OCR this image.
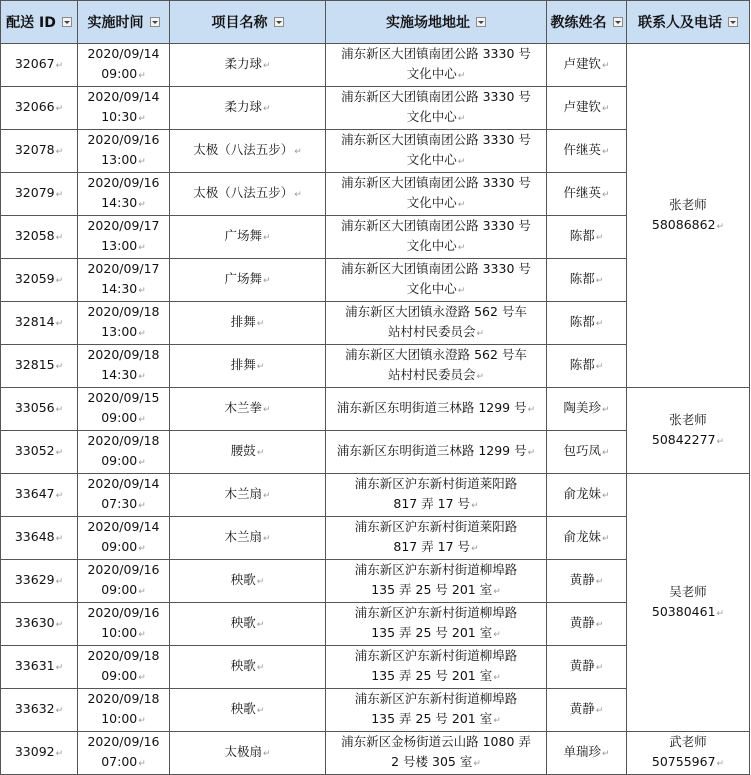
配送 ID	实施时间	项目名称	实施场地地址	教练姓名	联系人及电话

32067↵	2020/09/14
09:00↵	柔力球↵	浦东新区大团镇南团公路 3330 号
文化中心↵	卢建钦↵	张老师
58086862↵

32066↵	2020/09/14
10:30↵	柔力球↵	浦东新区大团镇南团公路 3330 号
文化中心↵	卢建钦↵	

32078↵	2020/09/16
13:00↵	太极（八法五步）↵	浦东新区大团镇南团公路 3330 号
文化中心↵	仵继英↵	

32079↵	2020/09/16
14:30↵	太极（八法五步）↵	浦东新区大团镇南团公路 3330 号
文化中心↵	仵继英↵	

32058↵	2020/09/17
13:00↵	广场舞↵	浦东新区大团镇南团公路 3330 号
文化中心↵	陈都↵	

32059↵	2020/09/17
14:30↵	广场舞↵	浦东新区大团镇南团公路 3330 号
文化中心↵	陈都↵	

32814↵	2020/09/18
13:00↵	排舞↵	浦东新区大团镇永澄路 562 号车
站村村民委员会↵	陈都↵	

32815↵	2020/09/18
14:30↵	排舞↵	浦东新区大团镇永澄路 562 号车
站村村民委员会↵	陈都↵	

33056↵	2020/09/15
09:00↵	木兰拳↵	浦东新区东明街道三林路 1299 号↵	陶美珍↵	张老师
50842277↵

33052↵	2020/09/18
09:00↵	腰鼓↵	浦东新区东明街道三林路 1299 号↵	包巧凤↵	

33647↵	2020/09/14
07:30↵	木兰扇↵	浦东新区沪东新村街道莱阳路
817 弄 17 号↵	俞龙妹↵	吴老师
50380461↵

33648↵	2020/09/14
09:00↵	木兰扇↵	浦东新区沪东新村街道莱阳路
817 弄 17 号↵	俞龙妹↵	

33629↵	2020/09/16
09:00↵	秧歌↵	浦东新区沪东新村街道柳埠路
135 弄 25 号 201 室↵	黄静↵	

33630↵	2020/09/16
10:00↵	秧歌↵	浦东新区沪东新村街道柳埠路
135 弄 25 号 201 室↵	黄静↵	

33631↵	2020/09/18
09:00↵	秧歌↵	浦东新区沪东新村街道柳埠路
135 弄 25 号 201 室↵	黄静↵	

33632↵	2020/09/18
10:00↵	秧歌↵	浦东新区沪东新村街道柳埠路
135 弄 25 号 201 室↵	黄静↵	

33092↵	2020/09/16
07:00↵	太极扇↵	浦东新区金杨街道云山路 1080 弄
2 号楼 305 室↵	单瑞珍↵	武老师
50755967↵
